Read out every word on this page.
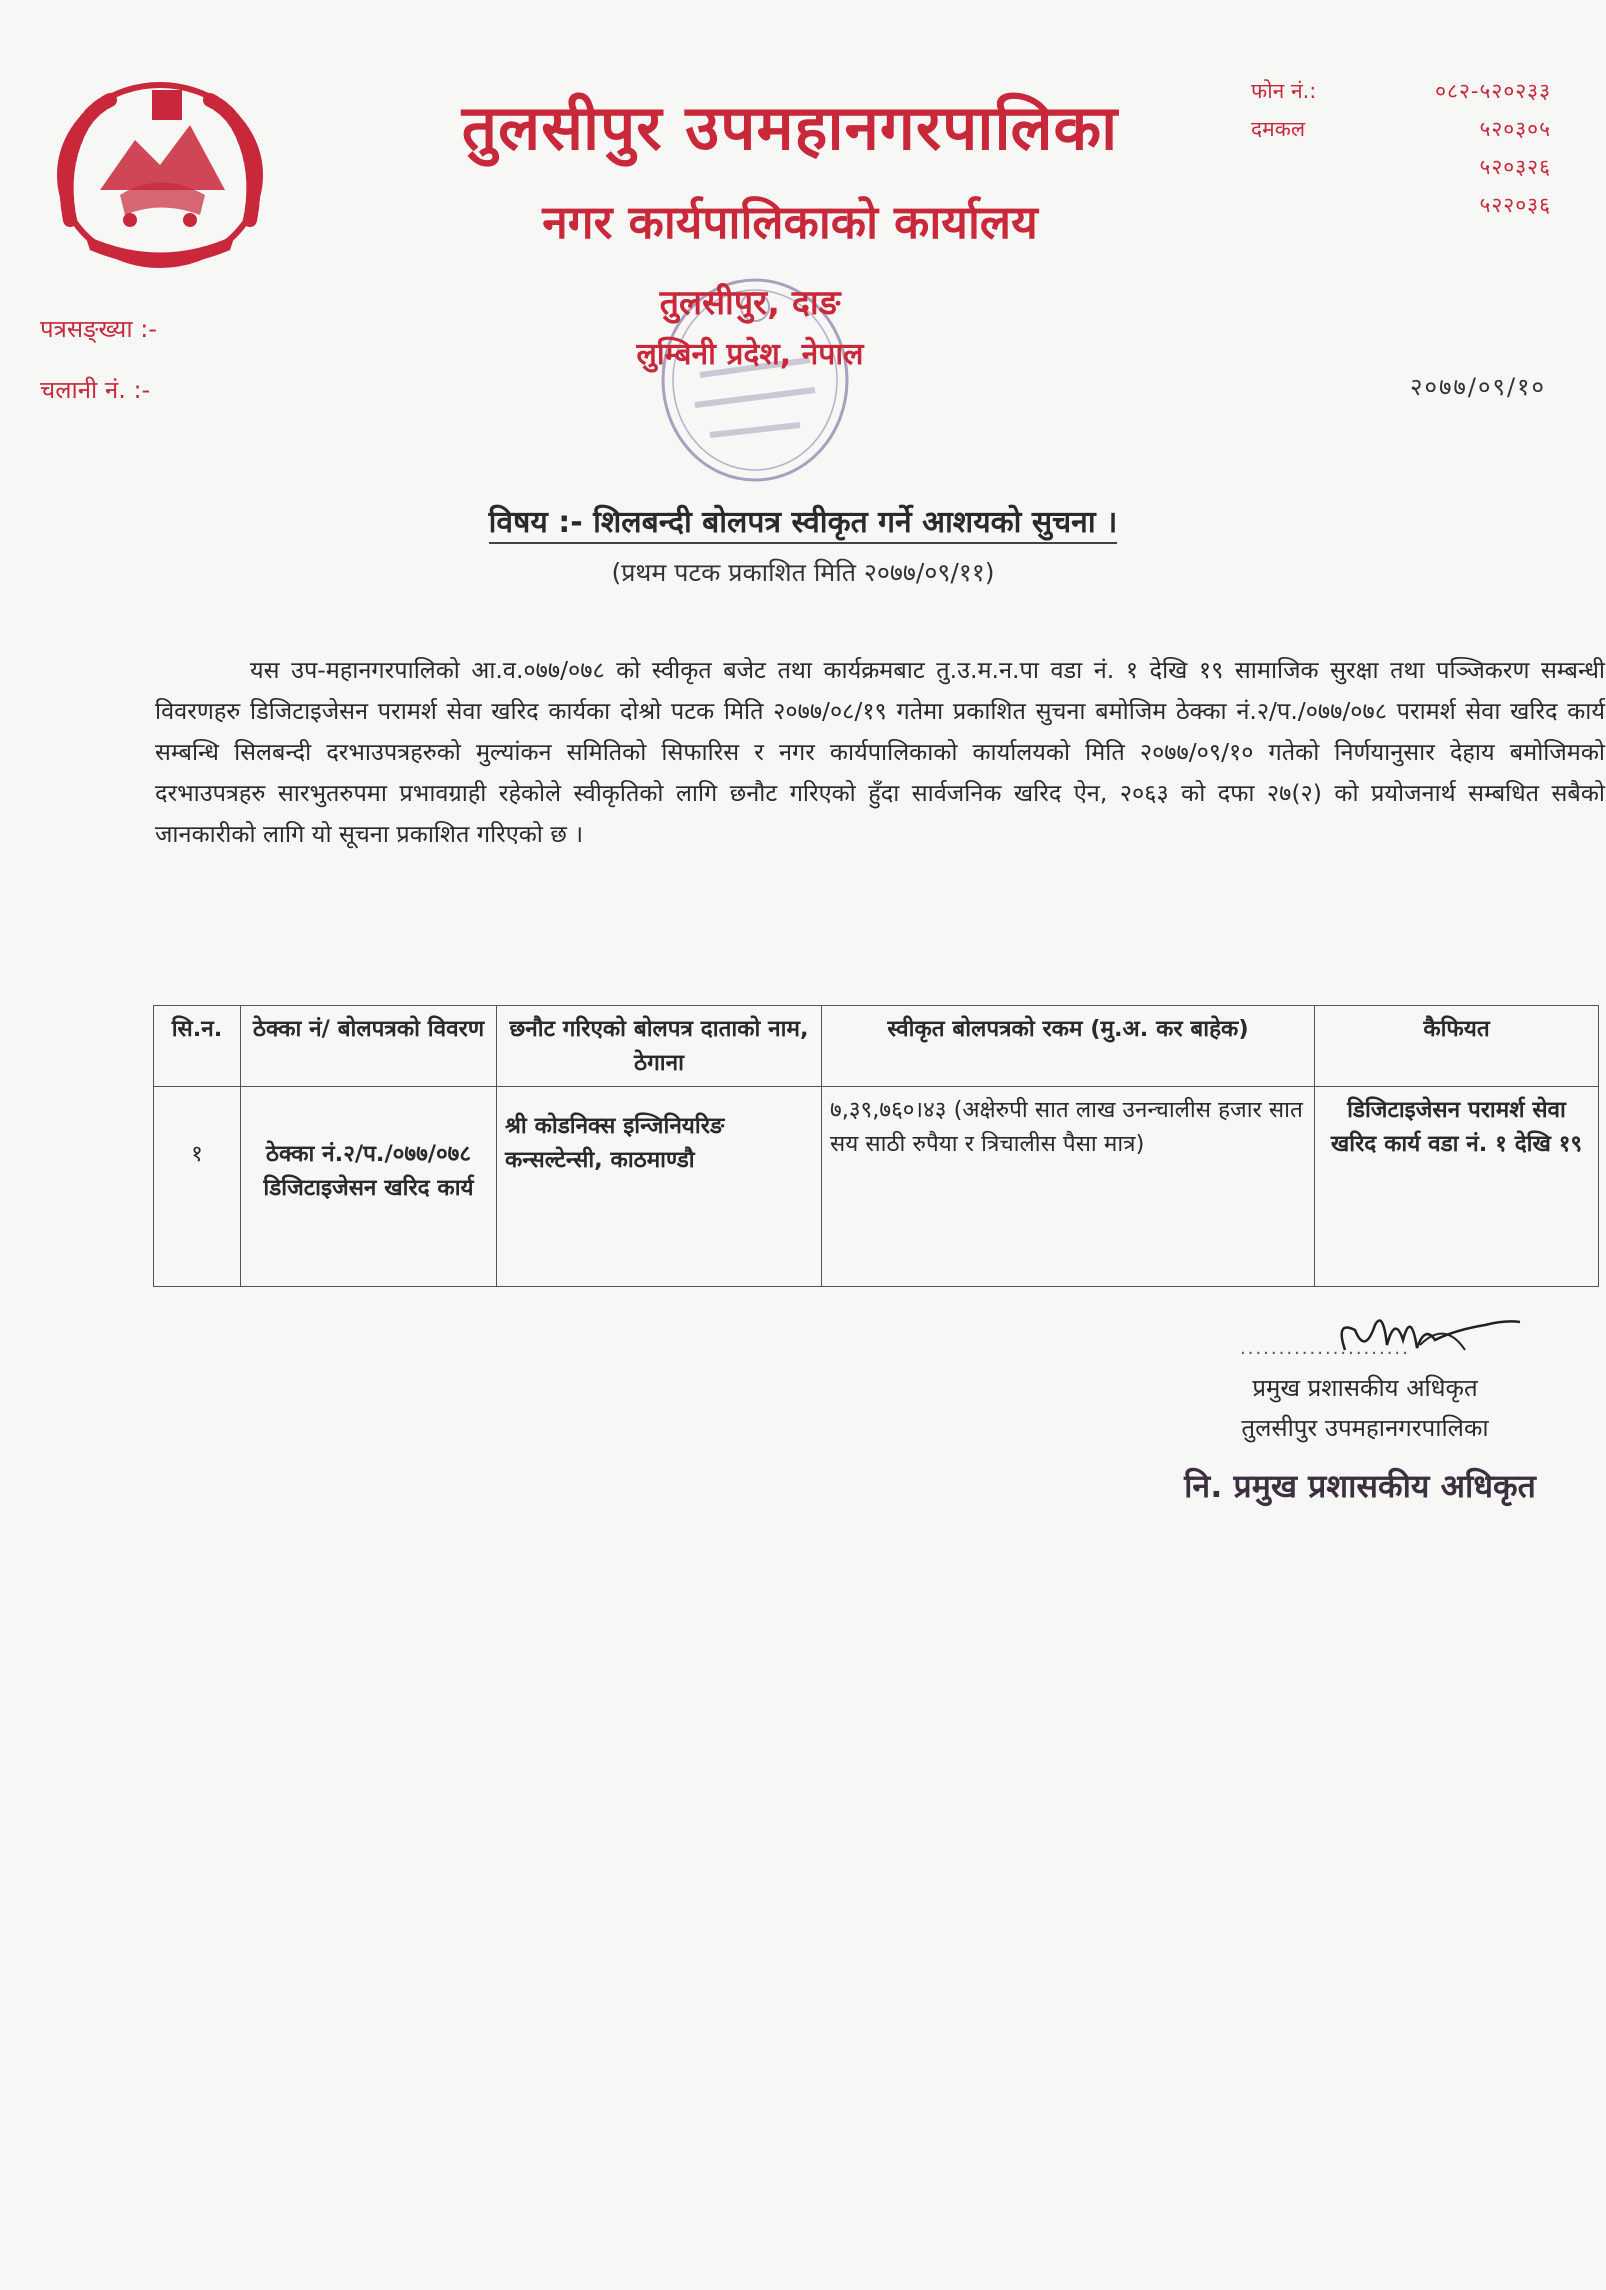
तुलसीपुर उपमहानगरपालिका
नगर कार्यपालिकाको कार्यालय
तुलसीपुर, दाङ
लुम्बिनी प्रदेश, नेपाल
फोन नं.:	०८२-५२०२३३
दमकल	५२०३०५
५२०३२६
५२२०३६
पत्रसङ्ख्या :-
चलानी नं. :-	२०७७/०९/१०
विषय :- शिलबन्दी बोलपत्र स्वीकृत गर्ने आशयको सुचना ।
(प्रथम पटक प्रकाशित मिति २०७७/०९/११)

यस उप-महानगरपालिको आ.व.०७७/०७८ को स्वीकृत बजेट तथा कार्यक्रमबाट तु.उ.म.न.पा वडा नं. १ देखि १९ सामाजिक सुरक्षा तथा पञ्जिकरण सम्बन्धी विवरणहरु डिजिटाइजेसन परामर्श सेवा खरिद कार्यका दोश्रो पटक मिति २०७७/०८/१९ गतेमा प्रकाशित सुचना बमोजिम ठेक्का नं.२/प./०७७/०७८ परामर्श सेवा खरिद कार्य सम्बन्धि सिलबन्दी दरभाउपत्रहरुको मुल्यांकन समितिको सिफारिस र नगर कार्यपालिकाको कार्यालयको मिति २०७७/०९/१० गतेको निर्णयानुसार देहाय बमोजिमको दरभाउपत्रहरु सारभुतरुपमा प्रभावग्राही रहेकोले स्वीकृतिको लागि छनौट गरिएको हुँदा सार्वजनिक खरिद ऐन, २०६३ को दफा २७(२) को प्रयोजनार्थ सम्बधित सबैको जानकारीको लागि यो सूचना प्रकाशित गरिएको छ ।

सि.न.	ठेक्का नं/ बोलपत्रको विवरण	छनौट गरिएको बोलपत्र दाताको नाम, ठेगाना	स्वीकृत बोलपत्रको रकम (मु.अ. कर बाहेक)	कैफियत
१	ठेक्का नं.२/प./०७७/०७८ डिजिटाइजेसन खरिद कार्य	श्री कोडनिक्स इन्जिनियरिङ कन्सल्टेन्सी, काठमाण्डौ	७,३९,७६०।४३ (अक्षेरुपी सात लाख उनन्चालीस हजार सात सय साठी रुपैया र त्रिचालीस पैसा मात्र)	डिजिटाइजेसन परामर्श सेवा खरिद कार्य वडा नं. १ देखि १९
......................
प्रमुख प्रशासकीय अधिकृत
तुलसीपुर उपमहानगरपालिका
नि. प्रमुख प्रशासकीय अधिकृत
